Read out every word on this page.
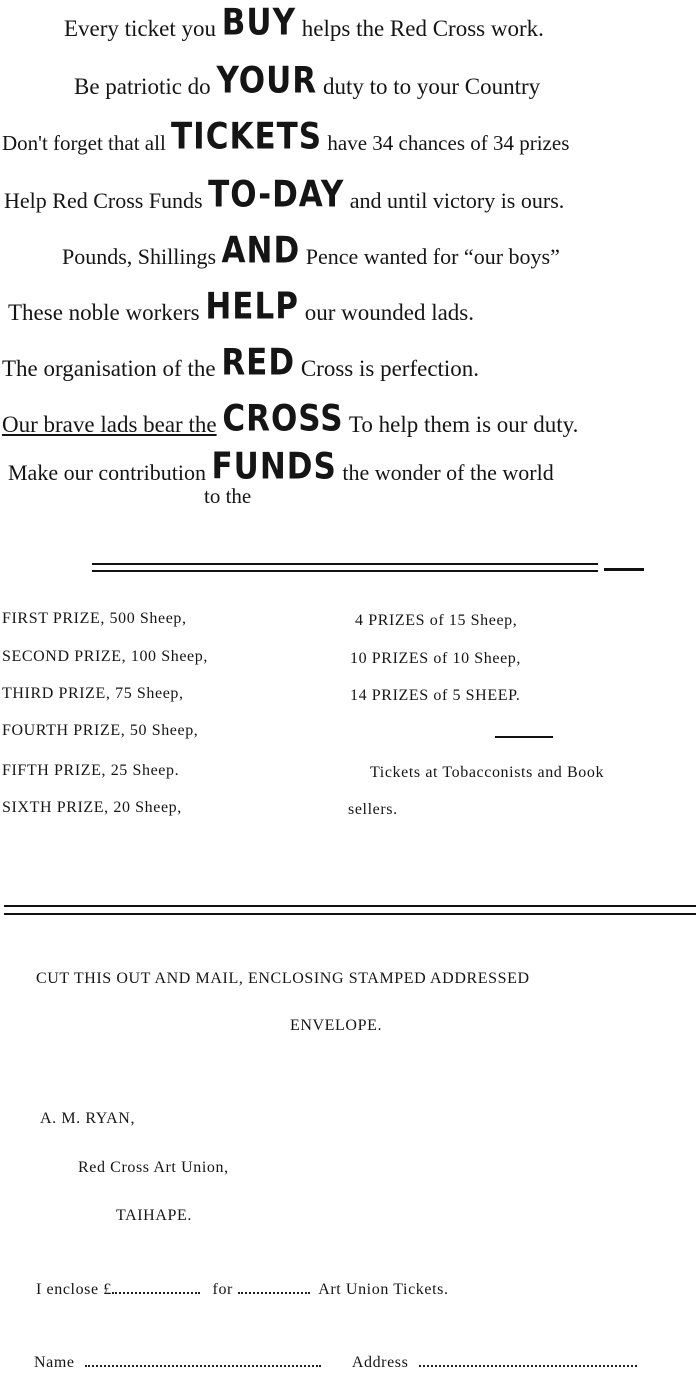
Every ticket you BUY helps the Red Cross work.
Be patriotic do YOUR duty to to your Country
Don't forget that all TICKETS have 34 chances of 34 prizes
Help Red Cross Funds TO-DAY and until victory is ours.
Pounds, Shillings AND Pence wanted for “our boys”
These noble workers HELP our wounded lads.
The organisation of the RED Cross is perfection.
Our brave lads bear the CROSS To help them is our duty.
Make our contribution FUNDS the wonder of the world
to the
FIRST PRIZE, 500 Sheep,
SECOND PRIZE, 100 Sheep,
THIRD PRIZE, 75 Sheep,
FOURTH PRIZE, 50 Sheep,
FIFTH PRIZE, 25 Sheep.
SIXTH PRIZE, 20 Sheep,
4 PRIZES of 15 Sheep,
10 PRIZES of 10 Sheep,
14 PRIZES of 5 SHEEP.
Tickets at Tobacconists and Book
sellers.
CUT THIS OUT AND MAIL, ENCLOSING STAMPED ADDRESSED
ENVELOPE.
A. M. RYAN,
Red Cross Art Union,
TAIHAPE.
I enclose £	for	Art Union Tickets.
Name	Address
